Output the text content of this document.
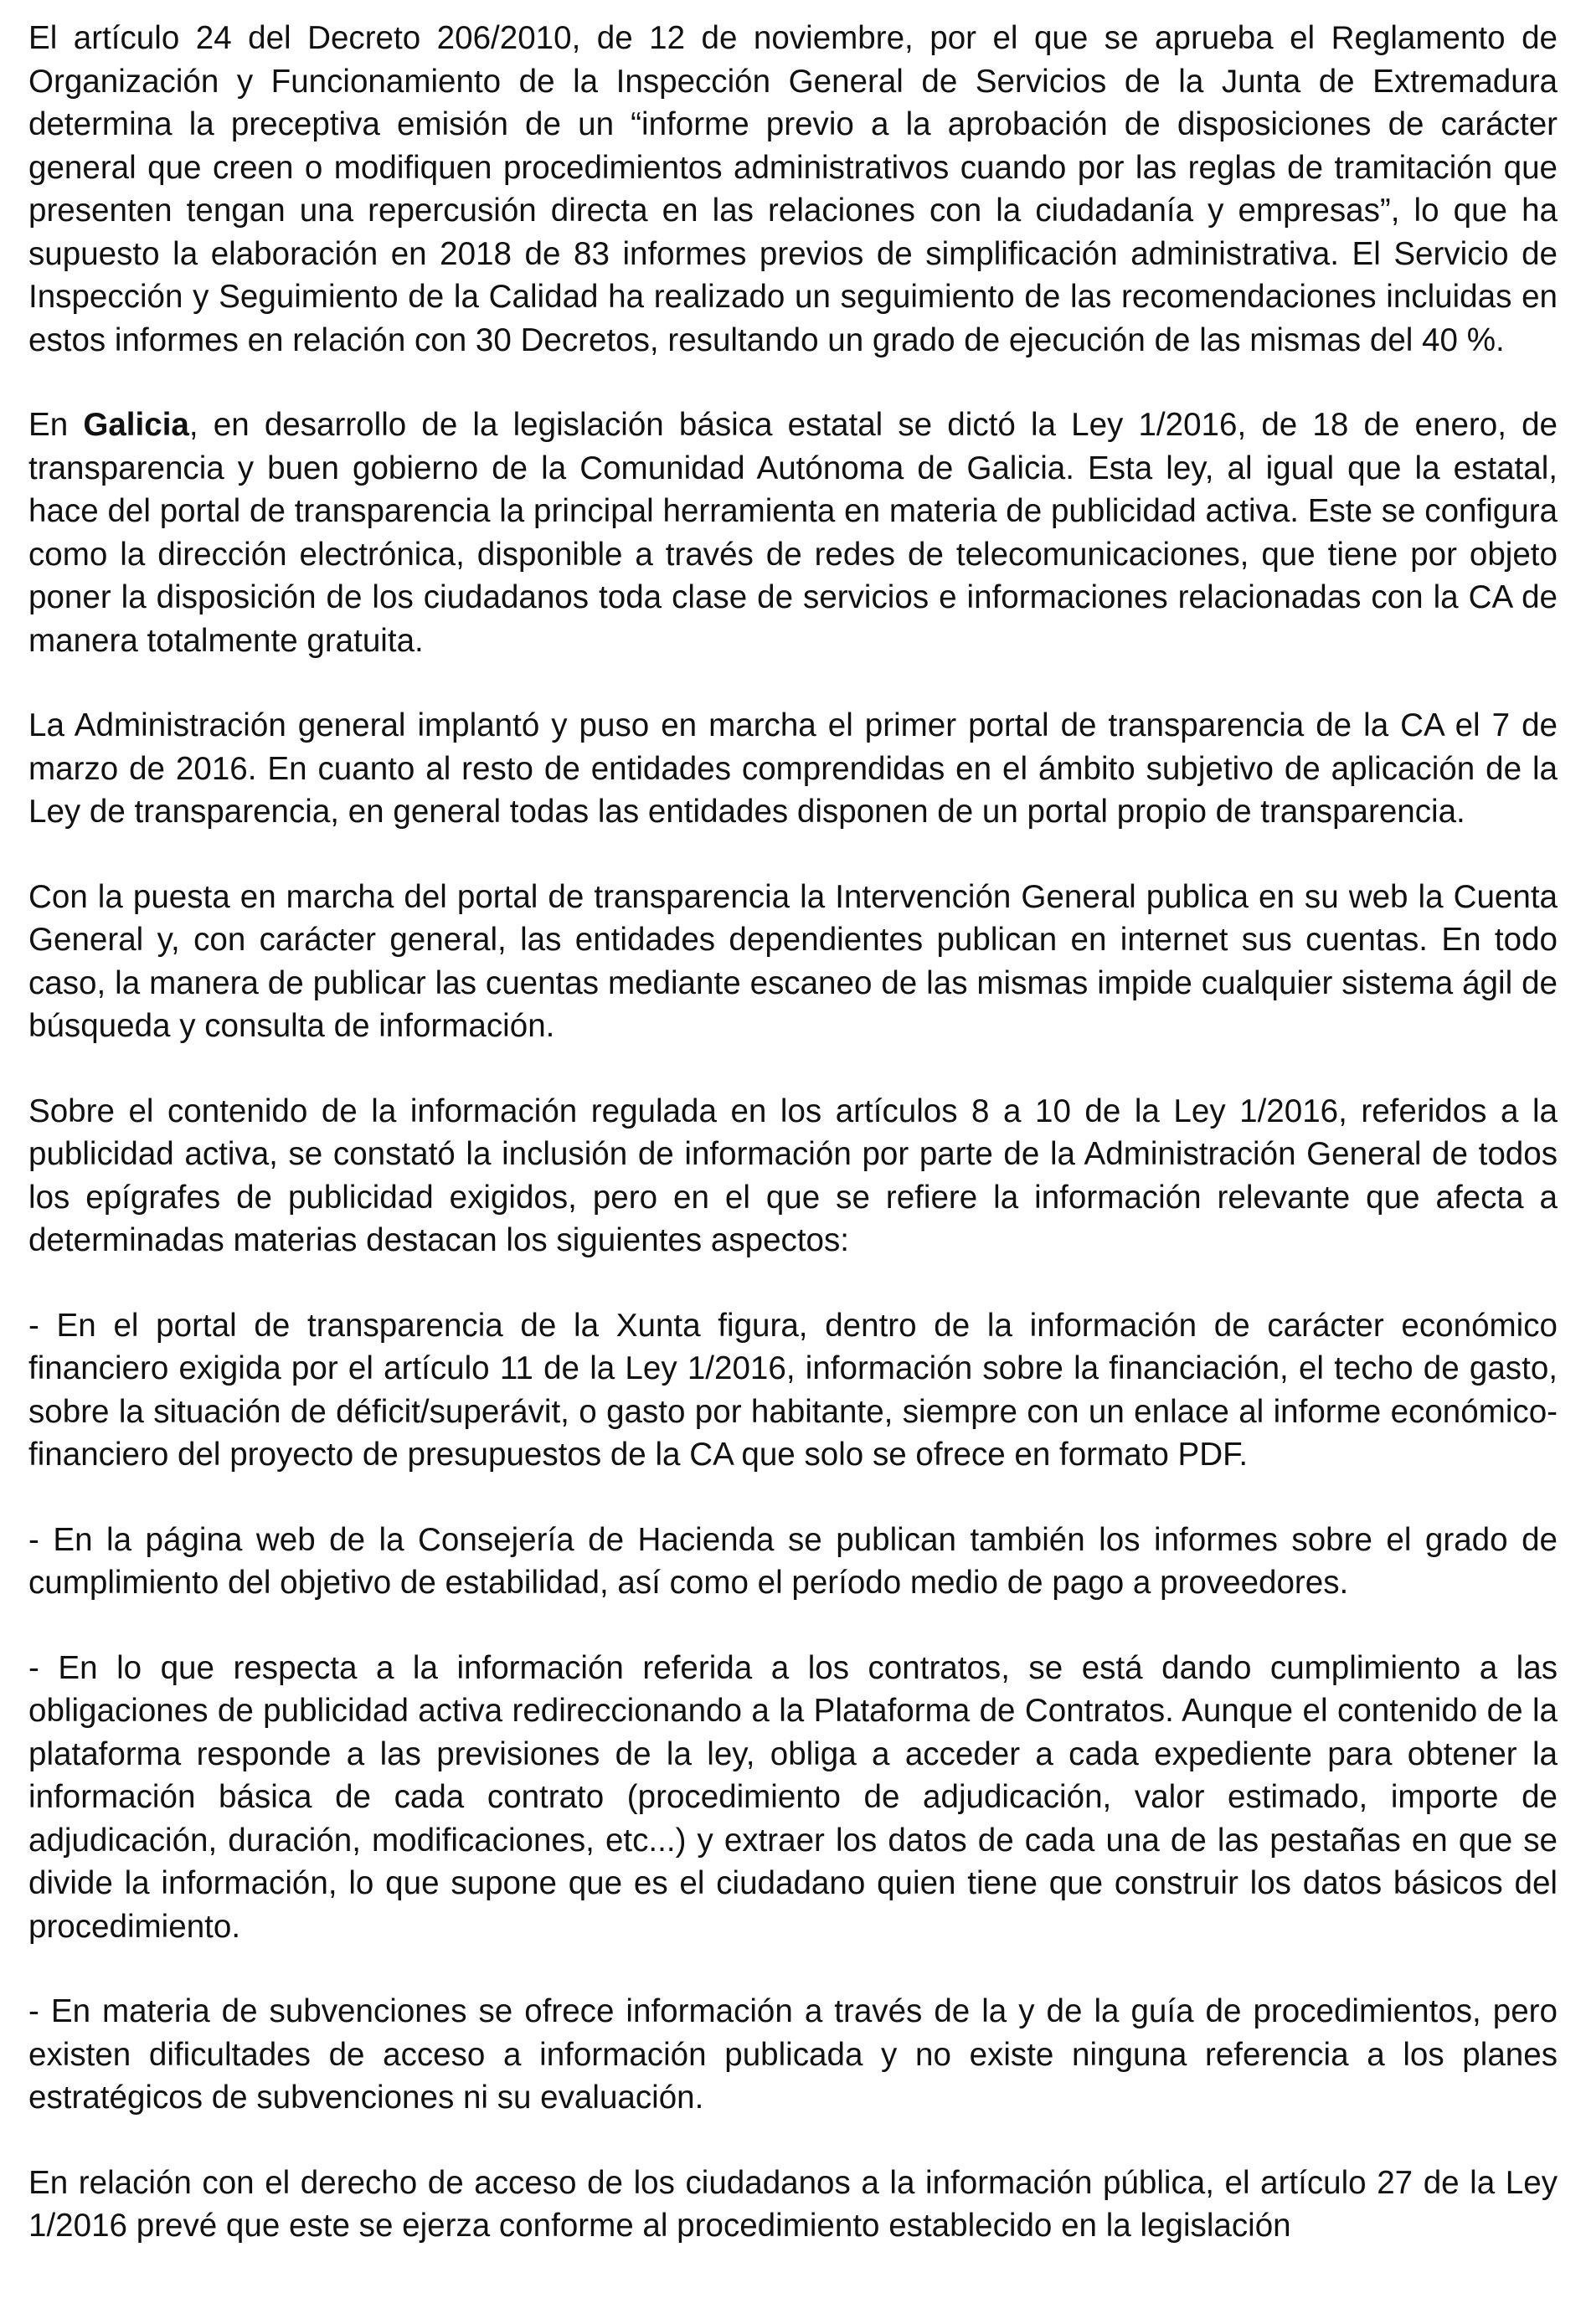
El artículo 24 del Decreto 206/2010, de 12 de noviembre, por el que se aprueba el Reglamento de Organización y Funcionamiento de la Inspección General de Servicios de la Junta de Extremadura determina la preceptiva emisión de un “informe previo a la aprobación de disposiciones de carácter general que creen o modifiquen procedimientos administrativos cuando por las reglas de tramitación que presenten tengan una repercusión directa en las relaciones con la ciudadanía y empresas”, lo que ha supuesto la elaboración en 2018 de 83 informes previos de simplificación administrativa. El Servicio de Inspección y Seguimiento de la Calidad ha realizado un seguimiento de las recomendaciones incluidas en estos informes en relación con 30 Decretos, resultando un grado de ejecución de las mismas del 40 %.

En Galicia, en desarrollo de la legislación básica estatal se dictó la Ley 1/2016, de 18 de enero, de transparencia y buen gobierno de la Comunidad Autónoma de Galicia. Esta ley, al igual que la estatal, hace del portal de transparencia la principal herramienta en materia de publicidad activa. Este se configura como la dirección electrónica, disponible a través de redes de telecomunicaciones, que tiene por objeto poner la disposición de los ciudadanos toda clase de servicios e informaciones relacionadas con la CA de manera totalmente gratuita.

La Administración general implantó y puso en marcha el primer portal de transparencia de la CA el 7 de marzo de 2016. En cuanto al resto de entidades comprendidas en el ámbito subjetivo de aplicación de la Ley de transparencia, en general todas las entidades disponen de un portal propio de transparencia.

Con la puesta en marcha del portal de transparencia la Intervención General publica en su web la Cuenta General y, con carácter general, las entidades dependientes publican en internet sus cuentas. En todo caso, la manera de publicar las cuentas mediante escaneo de las mismas impide cualquier sistema ágil de búsqueda y consulta de información.

Sobre el contenido de la información regulada en los artículos 8 a 10 de la Ley 1/2016, referidos a la publicidad activa, se constató la inclusión de información por parte de la Administración General de todos los epígrafes de publicidad exigidos, pero en el que se refiere la información relevante que afecta a determinadas materias destacan los siguientes aspectos:

- En el portal de transparencia de la Xunta figura, dentro de la información de carácter económico financiero exigida por el artículo 11 de la Ley 1/2016, información sobre la financiación, el techo de gasto, sobre la situación de déficit/superávit, o gasto por habitante, siempre con un enlace al informe económico-financiero del proyecto de presupuestos de la CA que solo se ofrece en formato PDF.

- En la página web de la Consejería de Hacienda se publican también los informes sobre el grado de cumplimiento del objetivo de estabilidad, así como el período medio de pago a proveedores.

- En lo que respecta a la información referida a los contratos, se está dando cumplimiento a las obligaciones de publicidad activa redireccionando a la Plataforma de Contratos. Aunque el contenido de la plataforma responde a las previsiones de la ley, obliga a acceder a cada expediente para obtener la información básica de cada contrato (procedimiento de adjudicación, valor estimado, importe de adjudicación, duración, modificaciones, etc...) y extraer los datos de cada una de las pestañas en que se divide la información, lo que supone que es el ciudadano quien tiene que construir los datos básicos del procedimiento.

- En materia de subvenciones se ofrece información a través de la y de la guía de procedimientos, pero existen dificultades de acceso a información publicada y no existe ninguna referencia a los planes estratégicos de subvenciones ni su evaluación.

En relación con el derecho de acceso de los ciudadanos a la información pública, el artículo 27 de la Ley 1/2016 prevé que este se ejerza conforme al procedimiento establecido en la legislación
